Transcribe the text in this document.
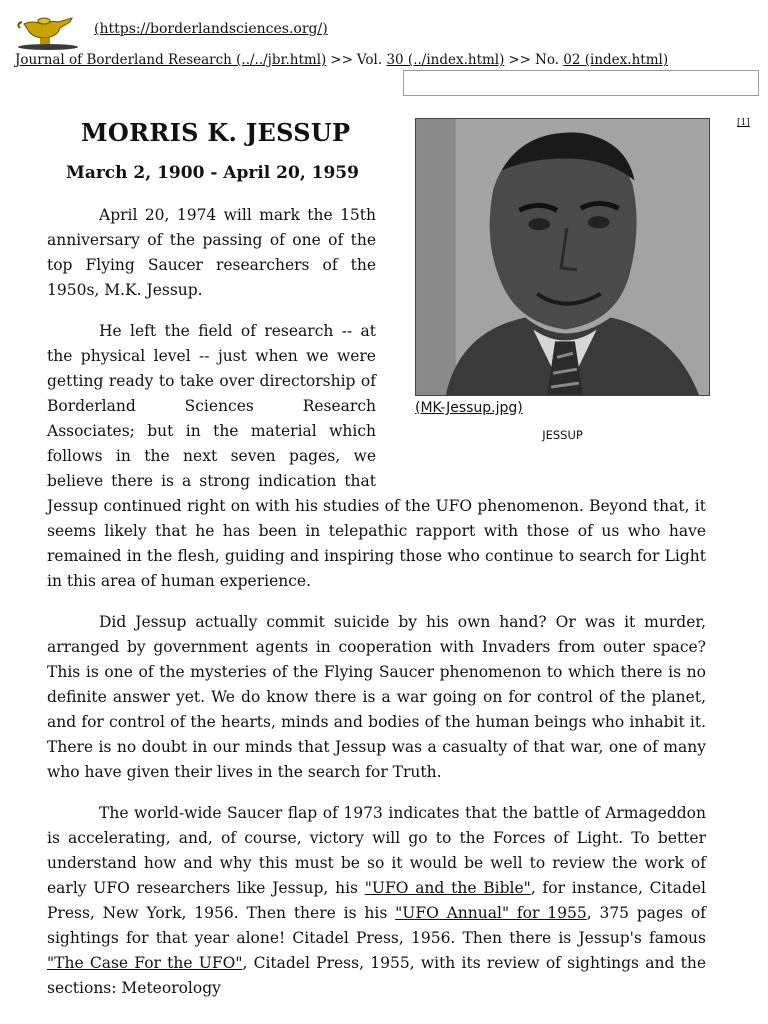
(https://borderlandsciences.org/)
Journal of Borderland Research (../../jbr.html) >> Vol. 30 (../index.html) >> No. 02 (index.html)
[1]
(MK-Jessup.jpg)
JESSUP
MORRIS K. JESSUP
March 2, 1900 - April 20, 1959

April 20, 1974 will mark the 15th anniversary of the passing of one of the top Flying Saucer researchers of the 1950s, M.K. Jessup.

He left the field of research -- at the physical level -- just when we were getting ready to take over directorship of Borderland Sciences Research Associates; but in the material which follows in the next seven pages, we believe there is a strong indication that Jessup continued right on with his studies of the UFO phenomenon. Beyond that, it seems likely that he has been in telepathic rapport with those of us who have remained in the flesh, guiding and inspiring those who continue to search for Light in this area of human experience.

Did Jessup actually commit suicide by his own hand? Or was it murder, arranged by government agents in cooperation with Invaders from outer space? This is one of the mysteries of the Flying Saucer phenomenon to which there is no definite answer yet. We do know there is a war going on for control of the planet, and for control of the hearts, minds and bodies of the human beings who inhabit it. There is no doubt in our minds that Jessup was a casualty of that war, one of many who have given their lives in the search for Truth.

The world-wide Saucer flap of 1973 indicates that the battle of Armageddon is accelerating, and, of course, victory will go to the Forces of Light. To better understand how and why this must be so it would be well to review the work of early UFO researchers like Jessup, his "UFO and the Bible", for instance, Citadel Press, New York, 1956. Then there is his "UFO Annual" for 1955, 375 pages of sightings for that year alone! Citadel Press, 1956. Then there is Jessup's famous "The Case For the UFO", Citadel Press, 1955, with its review of sightings and the sections: Meteorology
